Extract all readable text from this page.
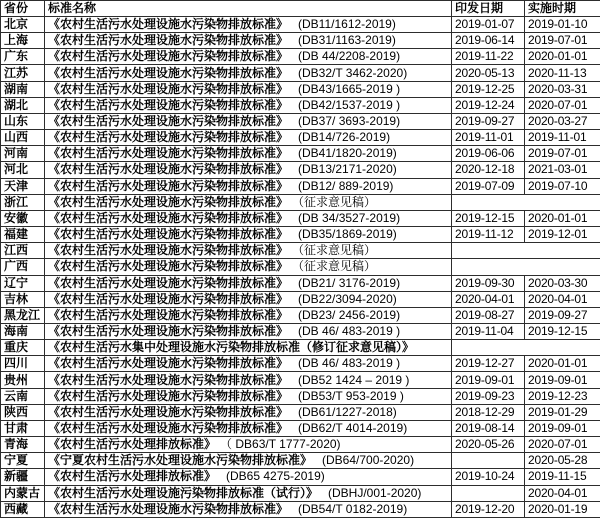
省份	标准名称	印发日期	实施时期
北京	《农村生活污水处理设施水污染物排放标准》 (DB11/1612-2019)	2019-01-07	2019-01-10
上海	《农村生活污水处理设施水污染物排放标准》 (DB31/1163-2019)	2019-06-14	2019-07-01
广东	《农村生活污水处理设施水污染物排放标准》 (DB 44/2208-2019)	2019-11-22	2020-01-01
江苏	《农村生活污水处理设施水污染物排放标准》 (DB32/T 3462-2020)	2020-05-13	2020-11-13
湖南	《农村生活污水处理设施水污染物排放标准》 (DB43/1665-2019 )	2019-12-25	2020-03-31
湖北	《农村生活污水处理设施水污染物排放标准》 (DB42/1537-2019 )	2019-12-24	2020-07-01
山东	《农村生活污水处理设施水污染物排放标准》 (DB37/ 3693-2019)	2019-09-27	2020-03-27
山西	《农村生活污水处理设施水污染物排放标准》 (DB14/726-2019)	2019-11-01	2019-11-01
河南	《农村生活污水处理设施水污染物排放标准》 (DB41/1820-2019)	2019-06-06	2019-07-01
河北	《农村生活污水处理设施水污染物排放标准》 (DB13/2171-2020)	2020-12-18	2021-03-01
天津	《农村生活污水处理设施水污染物排放标准》 (DB12/ 889-2019)	2019-07-09	2019-07-10
浙江	《农村生活污水处理设施水污染物排放标准》 （征求意见稿）		
安徽	《农村生活污水处理设施水污染物排放标准》 (DB 34/3527-2019)	2019-12-15	2020-01-01
福建	《农村生活污水处理设施水污染物排放标准》 (DB35/1869-2019)	2019-11-12	2019-12-01
江西	《农村生活污水处理设施水污染物排放标准》 （征求意见稿）		
广西	《农村生活污水处理设施水污染物排放标准》 （征求意见稿）		
辽宁	《农村生活污水处理设施水污染物排放标准》 (DB21/ 3176-2019)	2019-09-30	2020-03-30
吉林	《农村生活污水处理设施水污染物排放标准》 (DB22/3094-2020)	2020-04-01	2020-04-01
黑龙江	《农村生活污水处理设施水污染物排放标准》 (DB23/ 2456-2019)	2019-08-27	2019-09-27
海南	《农村生活污水处理设施水污染物排放标准》 (DB 46/ 483-2019 )	2019-11-04	2019-12-15
重庆	《农村生活污水集中处理设施水污染物排放标准（修订征求意见稿）》		
四川	《农村生活污水处理设施水污染物排放标准》 (DB 46/ 483-2019 )	2019-12-27	2020-01-01
贵州	《农村生活污水处理设施水污染物排放标准》 (DB52 1424 – 2019 )	2019-09-01	2019-09-01
云南	《农村生活污水处理设施水污染物排放标准》 (DB53/T 953-2019 )	2019-09-23	2019-12-23
陕西	《农村生活污水处理设施水污染物排放标准》 (DB61/1227-2018)	2018-12-29	2019-01-29
甘肃	《农村生活污水处理设施水污染物排放标准》 (DB62/T 4014-2019)	2019-08-14	2019-09-01
青海	《农村生活污水处理排放标准》 （ DB63/T 1777-2020)	2020-05-26	2020-07-01
宁夏	《宁夏农村生活污水处理设施水污染物排放标准》 (DB64/700-2020)		2020-05-28
新疆	《农村生活污水处理排放标准》 (DB65 4275-2019)	2019-10-24	2019-11-15
内蒙古	《农村生活污水处理设施污染物排放标准（试行）》 (DBHJ/001-2020)		2020-04-01
西藏	《农村生活污水处理设施水污染物排放标准》 (DB54/T 0182-2019)	2019-12-20	2020-01-19
